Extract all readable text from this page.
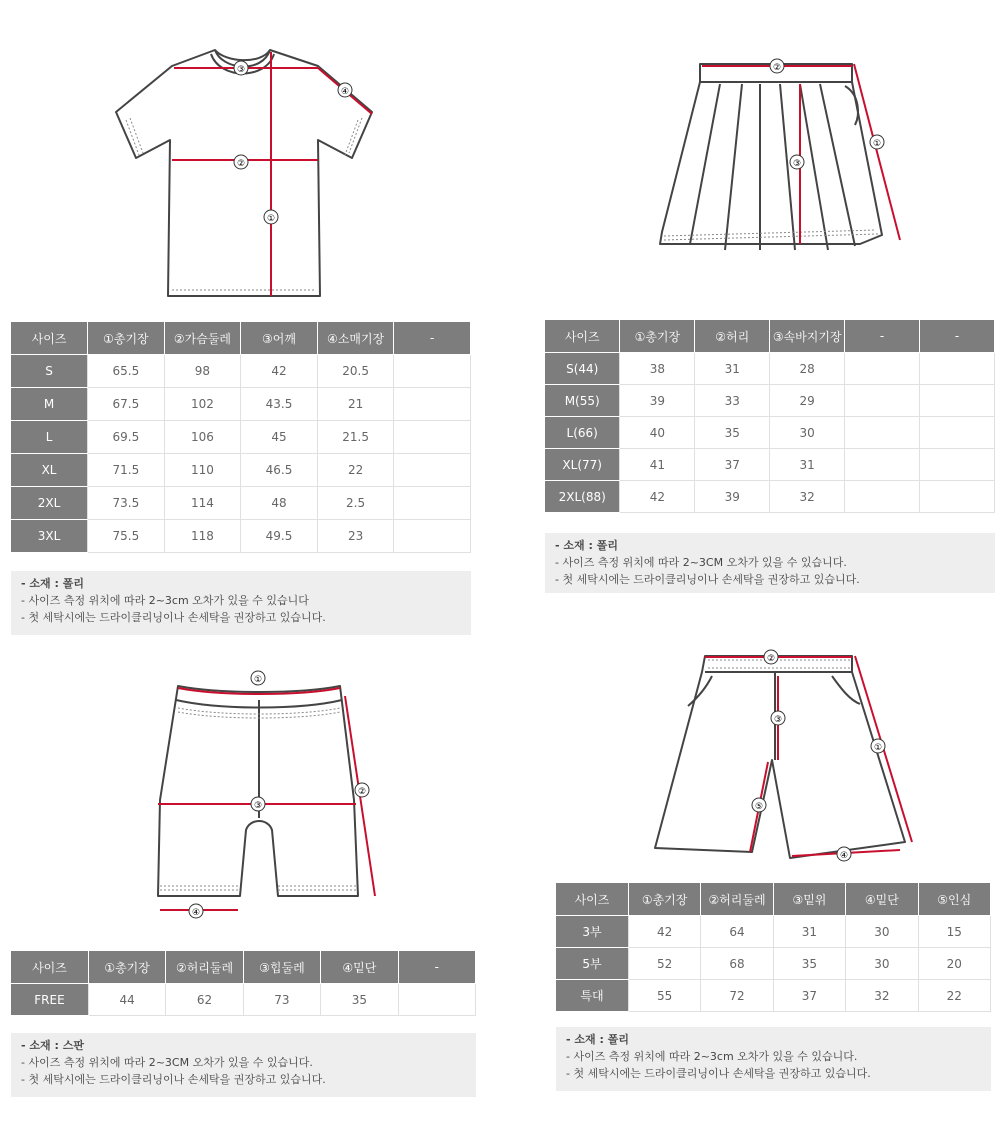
③
②
①
④
②
③
①
①
③
②
④
②
③
⑤
①
④
사이즈	①총기장	②가슴둘레	③어깨	④소매기장	-
S	65.5	98	42	20.5	
M	67.5	102	43.5	21	
L	69.5	106	45	21.5	
XL	71.5	110	46.5	22	
2XL	73.5	114	48	2.5	
3XL	75.5	118	49.5	23	
사이즈	①총기장	②허리	③속바지기장	-	-
S(44)	38	31	28		
M(55)	39	33	29		
L(66)	40	35	30		
XL(77)	41	37	31		
2XL(88)	42	39	32		
사이즈	①총기장	②허리둘레	③힙둘레	④밑단	-
FREE	44	62	73	35	
사이즈	①총기장	②허리둘레	③밑위	④밑단	⑤인심
3부	42	64	31	30	15
5부	52	68	35	30	20
특대	55	72	37	32	22
- 소재 : 폴리
- 사이즈 측정 위치에 따라 2~3cm 오차가 있을 수 있습니다
- 첫 세탁시에는 드라이클리닝이나 손세탁을 권장하고 있습니다.
- 소재 : 폴리
- 사이즈 측정 위치에 따라 2~3CM 오차가 있을 수 있습니다.
- 첫 세탁시에는 드라이클리닝이나 손세탁을 권장하고 있습니다.
- 소재 : 스판
- 사이즈 측정 위치에 따라 2~3CM 오차가 있을 수 있습니다.
- 첫 세탁시에는 드라이클리닝이나 손세탁을 권장하고 있습니다.
- 소재 : 폴리
- 사이즈 측정 위치에 따라 2~3cm 오차가 있을 수 있습니다.
- 첫 세탁시에는 드라이클리닝이나 손세탁을 권장하고 있습니다.
